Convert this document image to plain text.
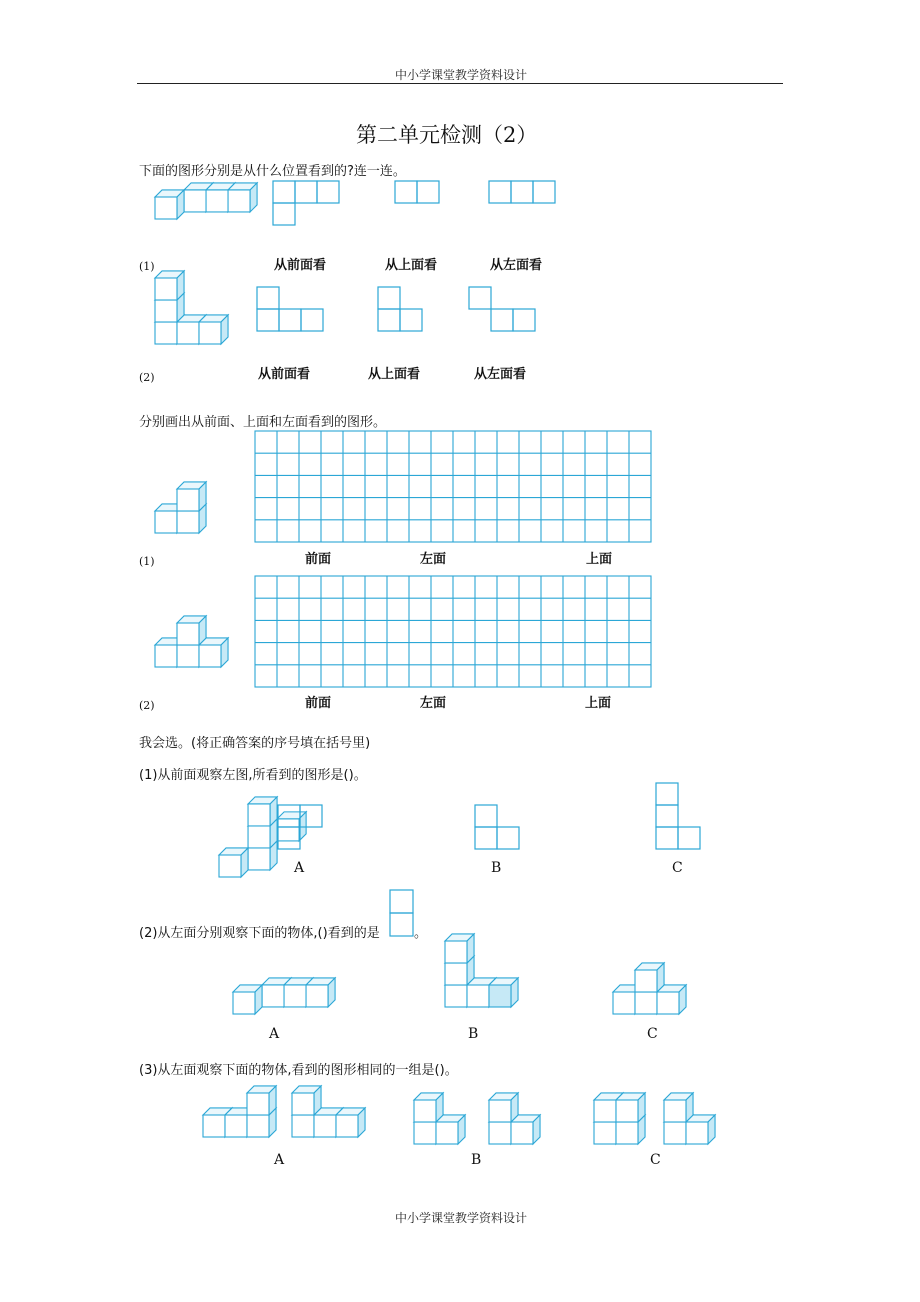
中小学课堂教学资料设计
第二单元检测（2）
下面的图形分别是从什么位置看到的?连一连。
(1)	从前面看	从上面看	从左面看
(2)	从前面看	从上面看	从左面看
分别画出从前面、上面和左面看到的图形。
(1)	前面	左面	上面
(2)	前面	左面	上面
我会选。(将正确答案的序号填在括号里)
(1)从前面观察左图,所看到的图形是()。
A	B	C
(2)从左面分别观察下面的物体,()看到的是	。
A	B	C
(3)从左面观察下面的物体,看到的图形相同的一组是()。
A	B	C
中小学课堂教学资料设计
